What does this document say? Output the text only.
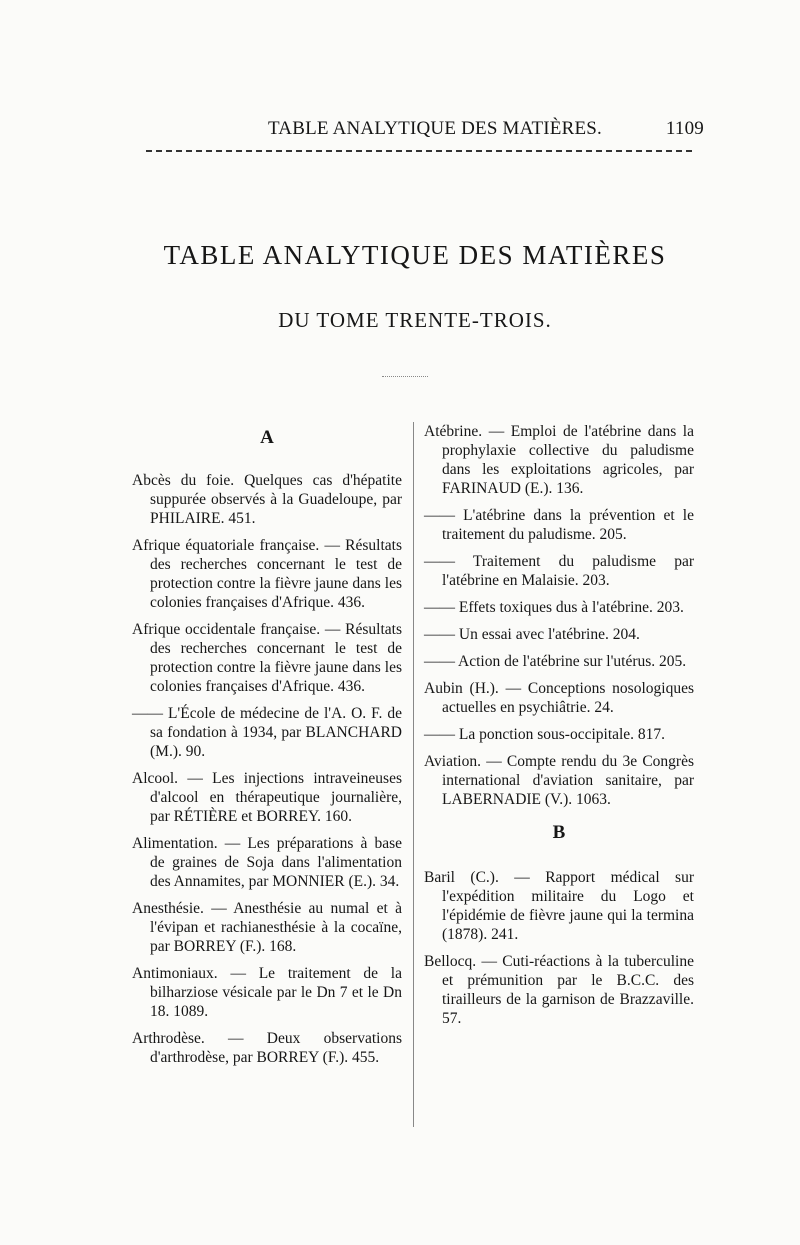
TABLE ANALYTIQUE DES MATIÈRES.	1109
TABLE ANALYTIQUE DES MATIÈRES
DU TOME TRENTE-TROIS.
A
Abcès du foie. Quelques cas d'hépatite suppurée observés à la Guadeloupe, par PHILAIRE. 451.
Afrique équatoriale française. — Résultats des recherches concernant le test de protection contre la fièvre jaune dans les colonies françaises d'Afrique. 436.
Afrique occidentale française. — Résultats des recherches concernant le test de protection contre la fièvre jaune dans les colonies françaises d'Afrique. 436.
—— L'École de médecine de l'A. O. F. de sa fondation à 1934, par BLANCHARD (M.). 90.
Alcool. — Les injections intraveineuses d'alcool en thérapeutique journalière, par RÉTIÈRE et BORREY. 160.
Alimentation. — Les préparations à base de graines de Soja dans l'alimentation des Annamites, par MONNIER (E.). 34.
Anesthésie. — Anesthésie au numal et à l'évipan et rachianesthésie à la cocaïne, par BORREY (F.). 168.
Antimoniaux. — Le traitement de la bilharziose vésicale par le Dn 7 et le Dn 18. 1089.
Arthrodèse. — Deux observations d'arthrodèse, par BORREY (F.). 455.
Atébrine. — Emploi de l'atébrine dans la prophylaxie collective du paludisme dans les exploitations agricoles, par FARINAUD (E.). 136.
—— L'atébrine dans la prévention et le traitement du paludisme. 205.
—— Traitement du paludisme par l'atébrine en Malaisie. 203.
—— Effets toxiques dus à l'atébrine. 203.
—— Un essai avec l'atébrine. 204.
—— Action de l'atébrine sur l'utérus. 205.
Aubin (H.). — Conceptions nosologiques actuelles en psychiâtrie. 24.
—— La ponction sous-occipitale. 817.
Aviation. — Compte rendu du 3e Congrès international d'aviation sanitaire, par LABERNADIE (V.). 1063.
B
Baril (C.). — Rapport médical sur l'expédition militaire du Logo et l'épidémie de fièvre jaune qui la termina (1878). 241.
Bellocq. — Cuti-réactions à la tuberculine et prémunition par le B.C.C. des tirailleurs de la garnison de Brazzaville. 57.
